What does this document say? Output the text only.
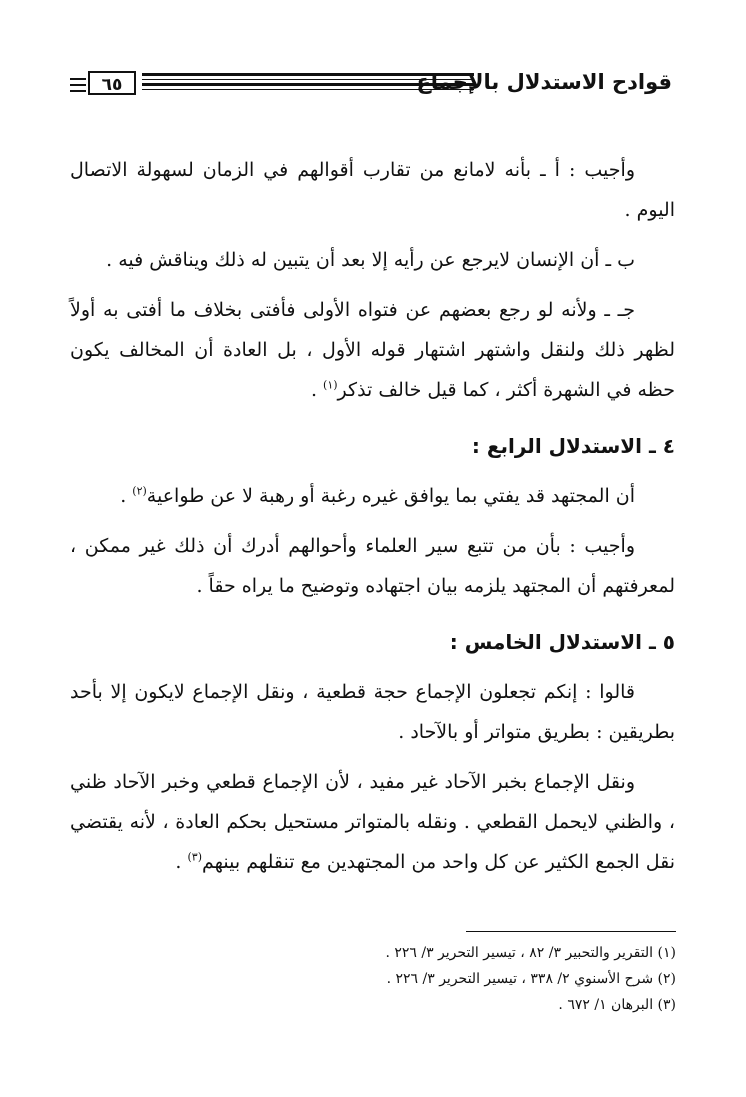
قوادح الاستدلال بالإجماع
٦٥

وأجيب : أ ـ بأنه لامانع من تقارب أقوالهم في الزمان لسهولة الاتصال اليوم .

ب ـ أن الإنسان لايرجع عن رأيه إلا بعد أن يتبين له ذلك ويناقش فيه .

جـ ـ ولأنه لو رجع بعضهم عن فتواه الأولى فأفتى بخلاف ما أفتى به أولاً لظهر ذلك ولنقل واشتهر اشتهار قوله الأول ، بل العادة أن المخالف يكون حظه في الشهرة أكثر ، كما قيل خالف تذكر$^{(١)}$ .

٤ ـ الاستدلال الرابع :

أن المجتهد قد يفتي بما يوافق غيره رغبة أو رهبة لا عن طواعية$^{(٢)}$ .

وأجيب : بأن من تتبع سير العلماء وأحوالهم أدرك أن ذلك غير ممكن ، لمعرفتهم أن المجتهد يلزمه بيان اجتهاده وتوضيح ما يراه حقاً .

٥ ـ الاستدلال الخامس :

قالوا : إنكم تجعلون الإجماع حجة قطعية ، ونقل الإجماع لايكون إلا بأحد بطريقين : بطريق متواتر أو بالآحاد .

ونقل الإجماع بخبر الآحاد غير مفيد ، لأن الإجماع قطعي وخبر الآحاد ظني ، والظني لايحمل القطعي . ونقله بالمتواتر مستحيل بحكم العادة ، لأنه يقتضي نقل الجمع الكثير عن كل واحد من المجتهدين مع تنقلهم بينهم$^{(٣)}$ .

(١) التقرير والتحبير ٣/ ٨٢ ، تيسير التحرير ٣/ ٢٢٦ .
(٢) شرح الأسنوي ٢/ ٣٣٨ ، تيسير التحرير ٣/ ٢٢٦ .
(٣) البرهان ١/ ٦٧٢ .
